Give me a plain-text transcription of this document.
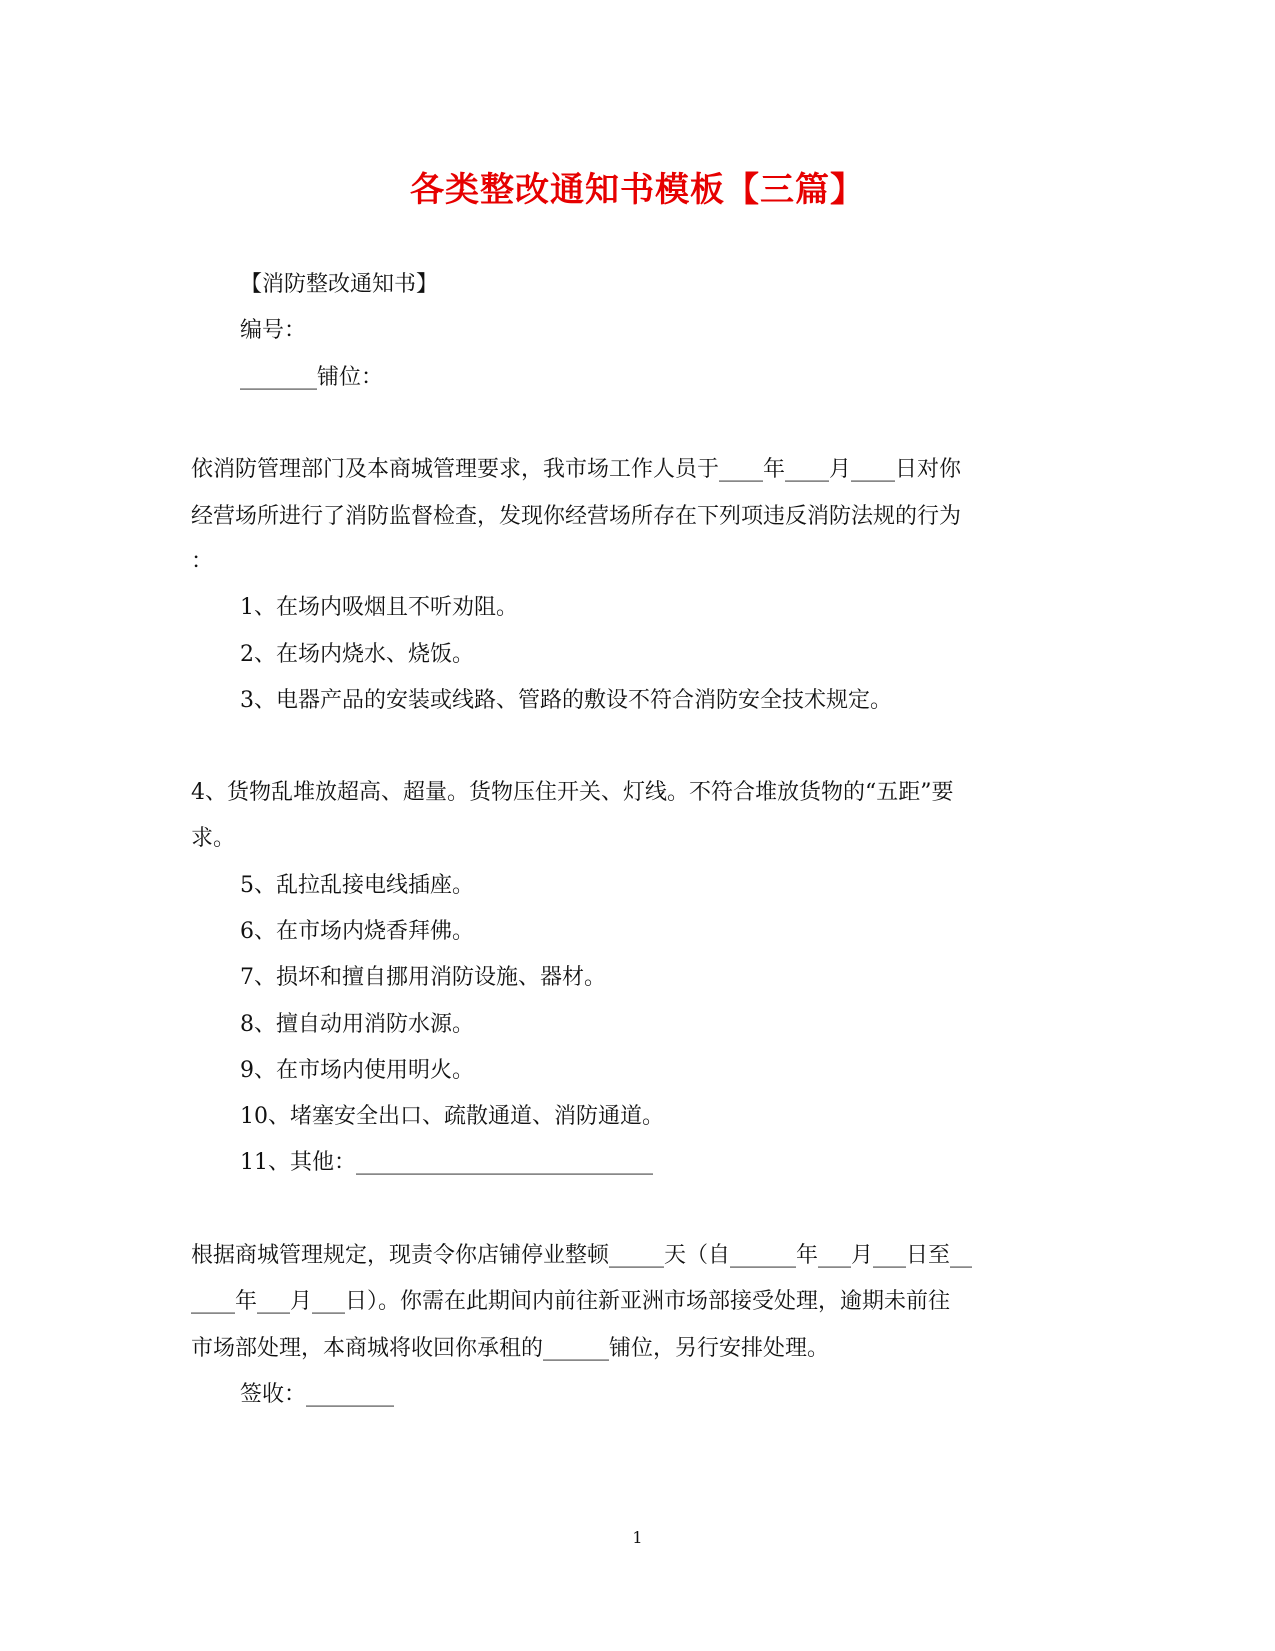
各类整改通知书模板【三篇】
【消防整改通知书】
编号：
_______铺位：
依消防管理部门及本商城管理要求，我市场工作人员于____年____月____日对你
经营场所进行了消防监督检查，发现你经营场所存在下列项违反消防法规的行为
：
1、在场内吸烟且不听劝阻。
2、在场内烧水、烧饭。
3、电器产品的安装或线路、管路的敷设不符合消防安全技术规定。
4、货物乱堆放超高、超量。货物压住开关、灯线。不符合堆放货物的“五距”要
求。
5、乱拉乱接电线插座。
6、在市场内烧香拜佛。
7、损坏和擅自挪用消防设施、器材。
8、擅自动用消防水源。
9、在市场内使用明火。
10、堵塞安全出口、疏散通道、消防通道。
11、其他：___________________________
根据商城管理规定，现责令你店铺停业整顿_____天（自______年___月___日至__
____年___月___日）。你需在此期间内前往新亚洲市场部接受处理，逾期未前往
市场部处理，本商城将收回你承租的______铺位，另行安排处理。
签收：________
1
